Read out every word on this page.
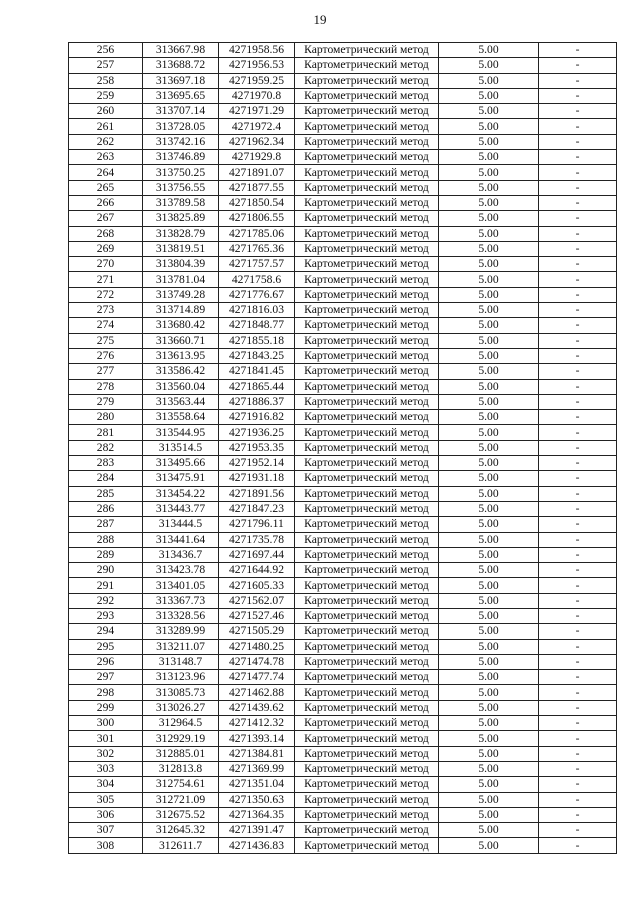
19
256	313667.98	4271958.56	Картометрический метод	5.00	-
257	313688.72	4271956.53	Картометрический метод	5.00	-
258	313697.18	4271959.25	Картометрический метод	5.00	-
259	313695.65	4271970.8	Картометрический метод	5.00	-
260	313707.14	4271971.29	Картометрический метод	5.00	-
261	313728.05	4271972.4	Картометрический метод	5.00	-
262	313742.16	4271962.34	Картометрический метод	5.00	-
263	313746.89	4271929.8	Картометрический метод	5.00	-
264	313750.25	4271891.07	Картометрический метод	5.00	-
265	313756.55	4271877.55	Картометрический метод	5.00	-
266	313789.58	4271850.54	Картометрический метод	5.00	-
267	313825.89	4271806.55	Картометрический метод	5.00	-
268	313828.79	4271785.06	Картометрический метод	5.00	-
269	313819.51	4271765.36	Картометрический метод	5.00	-
270	313804.39	4271757.57	Картометрический метод	5.00	-
271	313781.04	4271758.6	Картометрический метод	5.00	-
272	313749.28	4271776.67	Картометрический метод	5.00	-
273	313714.89	4271816.03	Картометрический метод	5.00	-
274	313680.42	4271848.77	Картометрический метод	5.00	-
275	313660.71	4271855.18	Картометрический метод	5.00	-
276	313613.95	4271843.25	Картометрический метод	5.00	-
277	313586.42	4271841.45	Картометрический метод	5.00	-
278	313560.04	4271865.44	Картометрический метод	5.00	-
279	313563.44	4271886.37	Картометрический метод	5.00	-
280	313558.64	4271916.82	Картометрический метод	5.00	-
281	313544.95	4271936.25	Картометрический метод	5.00	-
282	313514.5	4271953.35	Картометрический метод	5.00	-
283	313495.66	4271952.14	Картометрический метод	5.00	-
284	313475.91	4271931.18	Картометрический метод	5.00	-
285	313454.22	4271891.56	Картометрический метод	5.00	-
286	313443.77	4271847.23	Картометрический метод	5.00	-
287	313444.5	4271796.11	Картометрический метод	5.00	-
288	313441.64	4271735.78	Картометрический метод	5.00	-
289	313436.7	4271697.44	Картометрический метод	5.00	-
290	313423.78	4271644.92	Картометрический метод	5.00	-
291	313401.05	4271605.33	Картометрический метод	5.00	-
292	313367.73	4271562.07	Картометрический метод	5.00	-
293	313328.56	4271527.46	Картометрический метод	5.00	-
294	313289.99	4271505.29	Картометрический метод	5.00	-
295	313211.07	4271480.25	Картометрический метод	5.00	-
296	313148.7	4271474.78	Картометрический метод	5.00	-
297	313123.96	4271477.74	Картометрический метод	5.00	-
298	313085.73	4271462.88	Картометрический метод	5.00	-
299	313026.27	4271439.62	Картометрический метод	5.00	-
300	312964.5	4271412.32	Картометрический метод	5.00	-
301	312929.19	4271393.14	Картометрический метод	5.00	-
302	312885.01	4271384.81	Картометрический метод	5.00	-
303	312813.8	4271369.99	Картометрический метод	5.00	-
304	312754.61	4271351.04	Картометрический метод	5.00	-
305	312721.09	4271350.63	Картометрический метод	5.00	-
306	312675.52	4271364.35	Картометрический метод	5.00	-
307	312645.32	4271391.47	Картометрический метод	5.00	-
308	312611.7	4271436.83	Картометрический метод	5.00	-
